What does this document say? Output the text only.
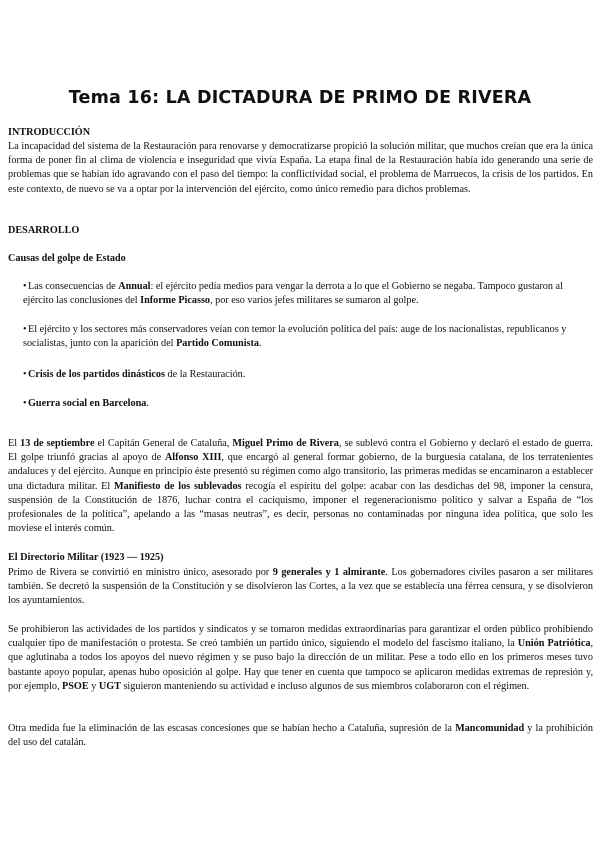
Tema 16: LA DICTADURA DE PRIMO DE RIVERA

INTRODUCCIÓN

La incapacidad del sistema de la Restauración para renovarse y democratizarse propició la solución militar, que muchos creían que era la única forma de poner fin al clima de violencia e inseguridad que vivía España. La etapa final de la Restauración había ido generando una serie de problemas que se habían ido agravando con el paso del tiempo: la conflictividad social, el problema de Marruecos, la crisis de los partidos. En este contexto, de nuevo se va a optar por la intervención del ejército, como único remedio para dichos problemas.

DESARROLLO

Causas del golpe de Estado

•Las consecuencias de Annual: el ejército pedía medios para vengar la derrota a lo que el Gobierno se negaba. Tampoco gustaron al ejército las conclusiones del Informe Picasso, por eso varios jefes militares se sumaron al golpe.

•El ejército y los sectores más conservadores veían con temor la evolución política del país: auge de los nacionalistas, republicanos y socialistas, junto con la aparición del Partido Comunista.

•Crisis de los partidos dinásticos de la Restauración.

•Guerra social en Barcelona.

El 13 de septiembre el Capitán General de Cataluña, Miguel Primo de Rivera, se sublevó contra el Gobierno y declaró el estado de guerra. El golpe triunfó gracias al apoyo de Alfonso XIII, que encargó al general formar gobierno, de la burguesía catalana, de los terratenientes andaluces y del ejército. Aunque en principio éste presentó su régimen como algo transitorio, las primeras medidas se encaminaron a establecer una dictadura militar. El Manifiesto de los sublevados recogía el espíritu del golpe: acabar con las desdichas del 98, imponer la censura, suspensión de la Constitución de 1876, luchar contra el caciquismo, imponer el regeneracionismo político y salvar a España de “los profesionales de la política”, apelando a las “masas neutras”, es decir, personas no contaminadas por ninguna idea política, que solo les moviese el interés común.

El Directorio Militar (1923 — 1925)

Primo de Rivera se convirtió en ministro único, asesorado por 9 generales y 1 almirante. Los gobernadores civiles pasaron a ser militares también. Se decretó la suspensión de la Constitución y se disolvieron las Cortes, a la vez que se establecía una férrea censura, y se disolvieron los ayuntamientos.

Se prohibieron las actividades de los partidos y sindicatos y se tomaron medidas extraordinarias para garantizar el orden público prohibiendo cualquier tipo de manifestación o protesta. Se creó también un partido único, siguiendo el modelo del fascismo italiano, la Unión Patriótica, que aglutinaba a todos los apoyos del nuevo régimen y se puso bajo la dirección de un militar. Pese a todo ello en los primeros meses tuvo bastante apoyo popular, apenas hubo oposición al golpe. Hay que tener en cuenta que tampoco se aplicaron medidas extremas de represión y, por ejemplo, PSOE y UGT siguieron manteniendo su actividad e incluso algunos de sus miembros colaboraron con el régimen.

Otra medida fue la eliminación de las escasas concesiones que se habían hecho a Cataluña, supresión de la Mancomunidad y la prohibición del uso del catalán.
